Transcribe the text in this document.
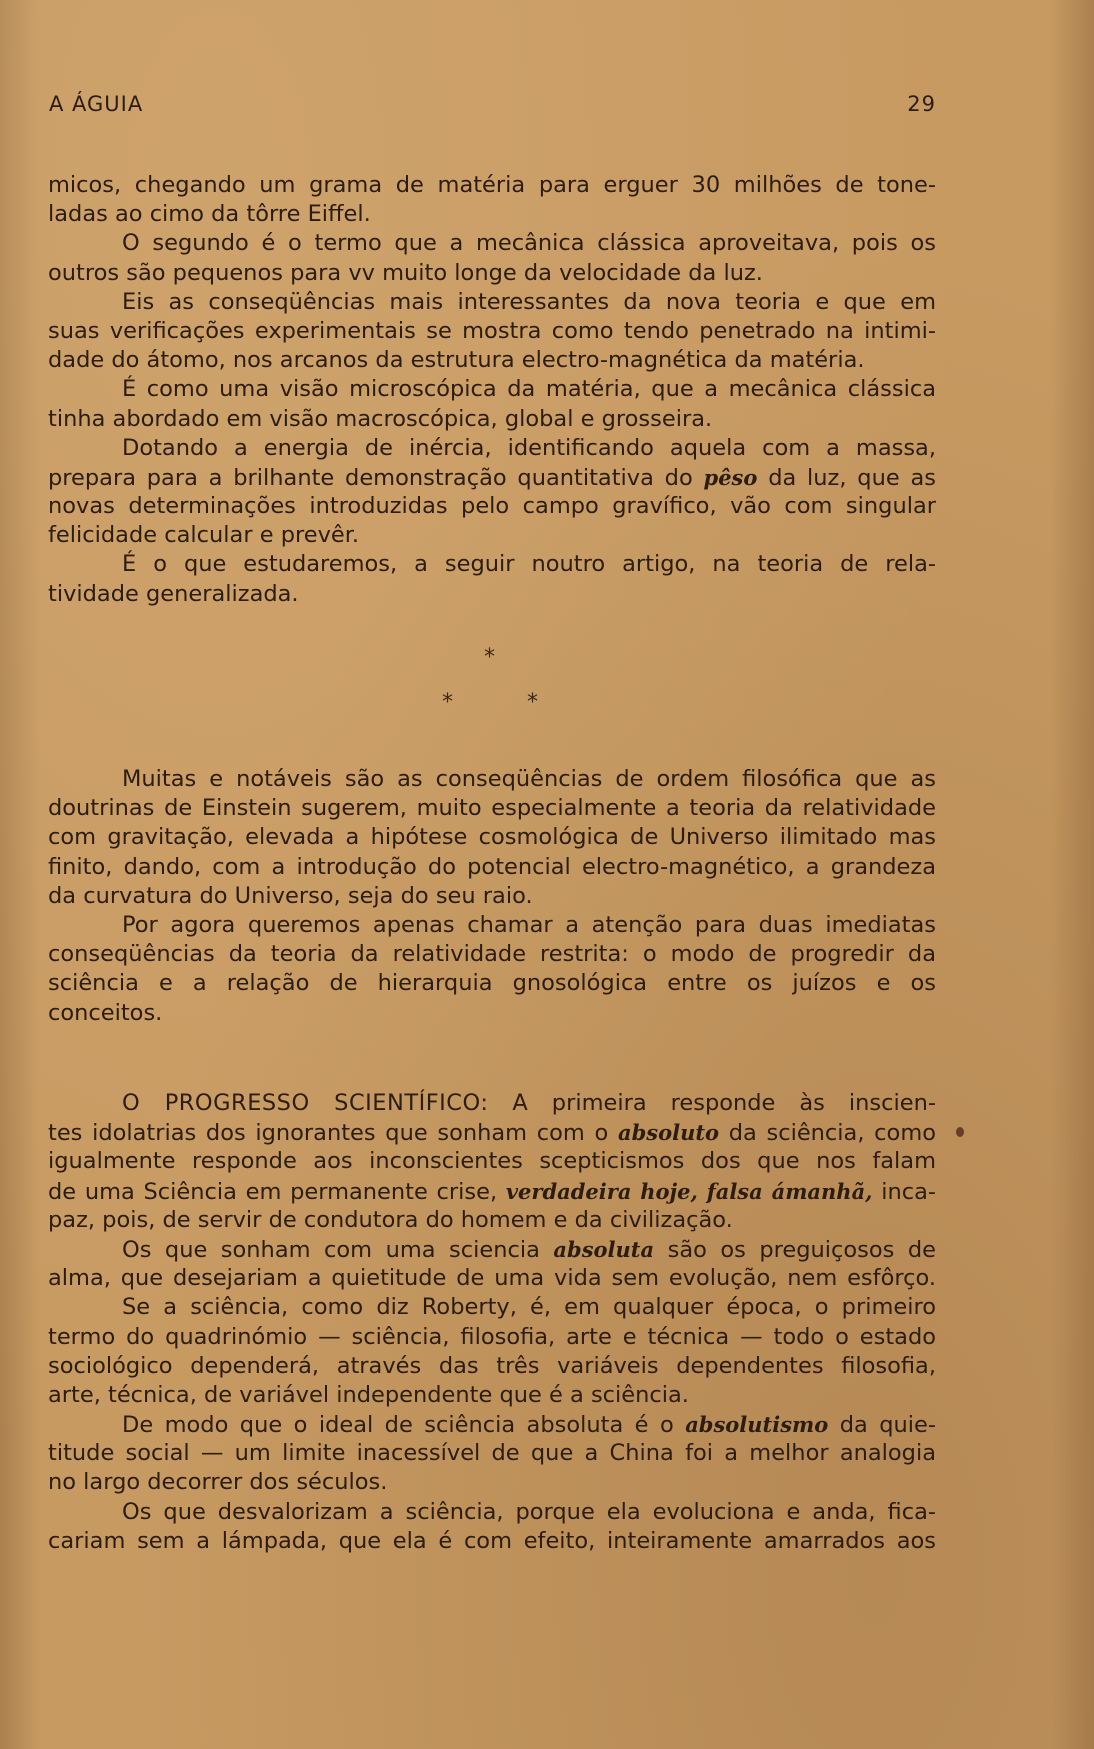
A ÁGUIA	29
micos, chegando um grama de matéria para erguer 30 milhões de tone-
ladas ao cimo da tôrre Eiffel.
O segundo é o termo que a mecânica clássica aproveitava, pois os
outros são pequenos para vv muito longe da velocidade da luz.
Eis as conseqüências mais interessantes da nova teoria e que em
suas verificações experimentais se mostra como tendo penetrado na intimi-
dade do átomo, nos arcanos da estrutura electro-magnética da matéria.
É como uma visão microscópica da matéria, que a mecânica clássica
tinha abordado em visão macroscópica, global e grosseira.
Dotando a energia de inércia, identificando aquela com a massa,
prepara para a brilhante demonstração quantitativa do pêso da luz, que as
novas determinações introduzidas pelo campo gravífico, vão com singular
felicidade calcular e prevêr.
É o que estudaremos, a seguir noutro artigo, na teoria de rela-
tividade generalizada.
*
*	*
Muitas e notáveis são as conseqüências de ordem filosófica que as
doutrinas de Einstein sugerem, muito especialmente a teoria da relatividade
com gravitação, elevada a hipótese cosmológica de Universo ilimitado mas
finito, dando, com a introdução do potencial electro-magnético, a grandeza
da curvatura do Universo, seja do seu raio.
Por agora queremos apenas chamar a atenção para duas imediatas
conseqüências da teoria da relatividade restrita: o modo de progredir da
sciência e a relação de hierarquia gnosológica entre os juízos e os
conceitos.
O PROGRESSO SCIENTÍFICO: A primeira responde às inscien-
tes idolatrias dos ignorantes que sonham com o absoluto da sciência, como
igualmente responde aos inconscientes scepticismos dos que nos falam
de uma Sciência em permanente crise, verdadeira hoje, falsa ámanhã, inca-
paz, pois, de servir de condutora do homem e da civilização.
Os que sonham com uma sciencia absoluta são os preguiçosos de
alma, que desejariam a quietitude de uma vida sem evolução, nem esfôrço.
Se a sciência, como diz Roberty, é, em qualquer época, o primeiro
termo do quadrinómio — sciência, filosofia, arte e técnica — todo o estado
sociológico dependerá, através das três variáveis dependentes filosofia,
arte, técnica, de variável independente que é a sciência.
De modo que o ideal de sciência absoluta é o absolutismo da quie-
titude social — um limite inacessível de que a China foi a melhor analogia
no largo decorrer dos séculos.
Os que desvalorizam a sciência, porque ela evoluciona e anda, fica-
cariam sem a lámpada, que ela é com efeito, inteiramente amarrados aos
